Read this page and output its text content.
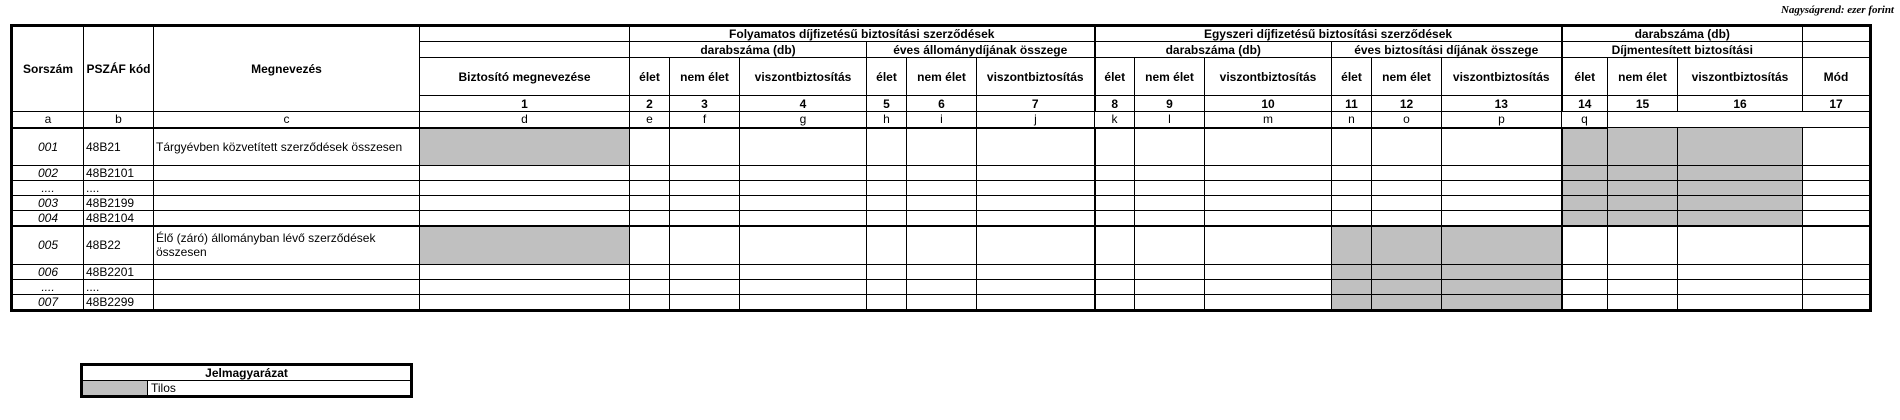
Nagyságrend: ezer forint
Sorszám	PSZÁF kód	Megnevezés		Folyamatos díjfizetésű biztosítási szerződések						Egyszeri díjfizetésű biztosítási szerződések						darabszáma (db)			
				darabszáma (db)			éves állománydíjának összege			darabszáma (db)			éves biztosítási díjának összege			Díjmentesített biztosítási			
			Biztosító megnevezése	élet	nem élet	viszontbiztosítás	élet	nem élet	viszontbiztosítás	élet	nem élet	viszontbiztosítás	élet	nem élet	viszontbiztosítás	élet	nem élet	viszontbiztosítás	Mód
			1	2	3	4	5	6	7	8	9	10	11	12	13	14	15	16	17
a	b	c	d	e	f	g	h	i	j	k	l	m	n	o	p	q			
001	48B21	Tárgyévben közvetített szerződések összesen																	
002	48B2101																		
....	....																		
003	48B2199																		
004	48B2104																		
005	48B22	Élő (záró) állományban lévő szerződések összesen																	
006	48B2201																		
....	....																		
007	48B2299																		
Jelmagyarázat
	Tilos
